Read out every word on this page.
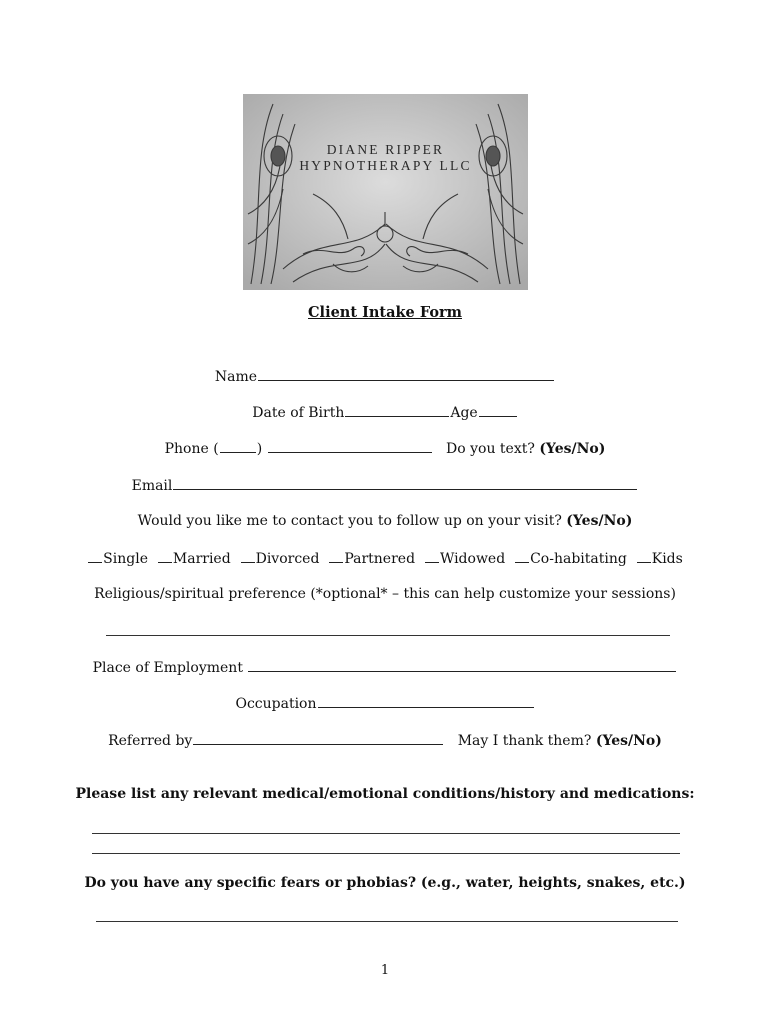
DIANE RIPPER
HYPNOTHERAPY LLC
Client Intake Form
Name
Date of Birth	Age
Phone (	)	Do you text? (Yes/No)
Email
Would you like me to contact you to follow up on your visit? (Yes/No)
Single Married Divorced Partnered Widowed Co-habitating Kids
Religious/spiritual preference (*optional* – this can help customize your sessions)
Place of Employment
Occupation
Referred by	May I thank them? (Yes/No)
Please list any relevant medical/emotional conditions/history and medications:
Do you have any specific fears or phobias? (e.g., water, heights, snakes, etc.)
1
